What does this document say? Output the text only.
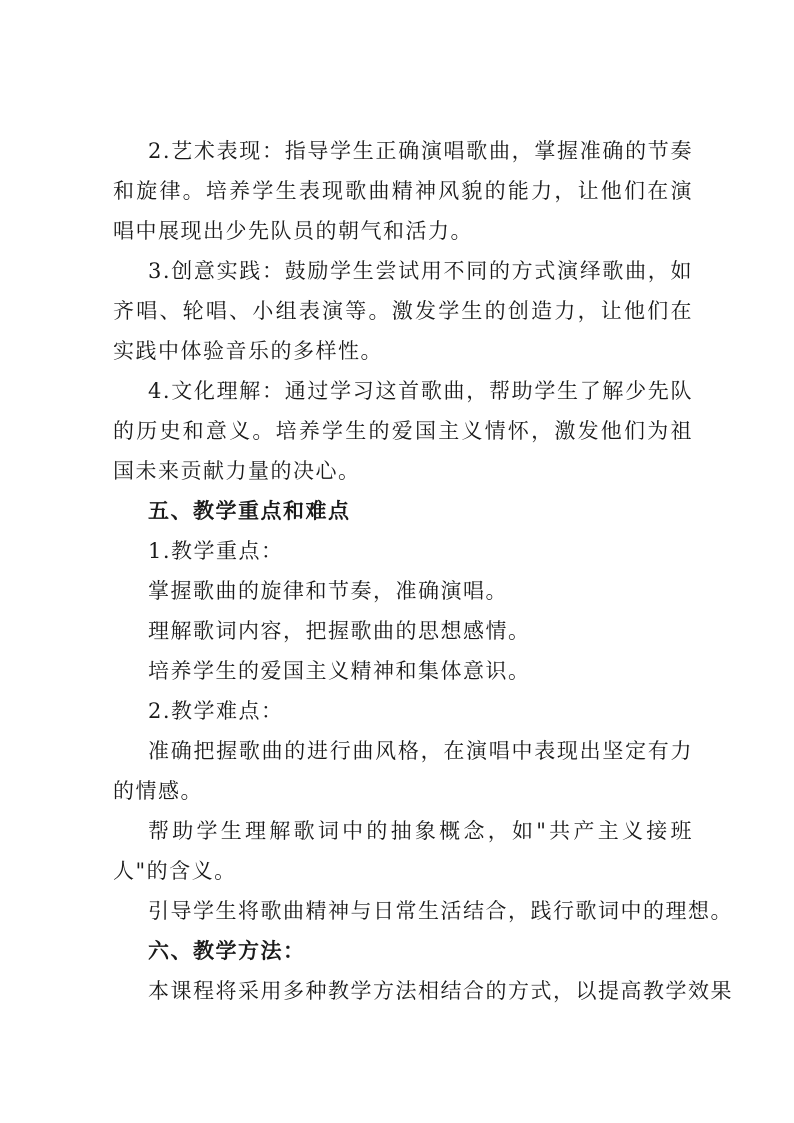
2.艺术表现：指导学生正确演唱歌曲，掌握准确的节奏和旋律。培养学生表现歌曲精神风貌的能力，让他们在演唱中展现出少先队员的朝气和活力。

3.创意实践：鼓励学生尝试用不同的方式演绎歌曲，如齐唱、轮唱、小组表演等。激发学生的创造力，让他们在实践中体验音乐的多样性。

4.文化理解：通过学习这首歌曲，帮助学生了解少先队的历史和意义。培养学生的爱国主义情怀，激发他们为祖国未来贡献力量的决心。

五、教学重点和难点

1.教学重点：

掌握歌曲的旋律和节奏，准确演唱。

理解歌词内容，把握歌曲的思想感情。

培养学生的爱国主义精神和集体意识。

2.教学难点：

准确把握歌曲的进行曲风格，在演唱中表现出坚定有力的情感。

帮助学生理解歌词中的抽象概念，如"共产主义接班人"的含义。

引导学生将歌曲精神与日常生活结合，践行歌词中的理想。

六、教学方法：

本课程将采用多种教学方法相结合的方式，以提高教学效果
